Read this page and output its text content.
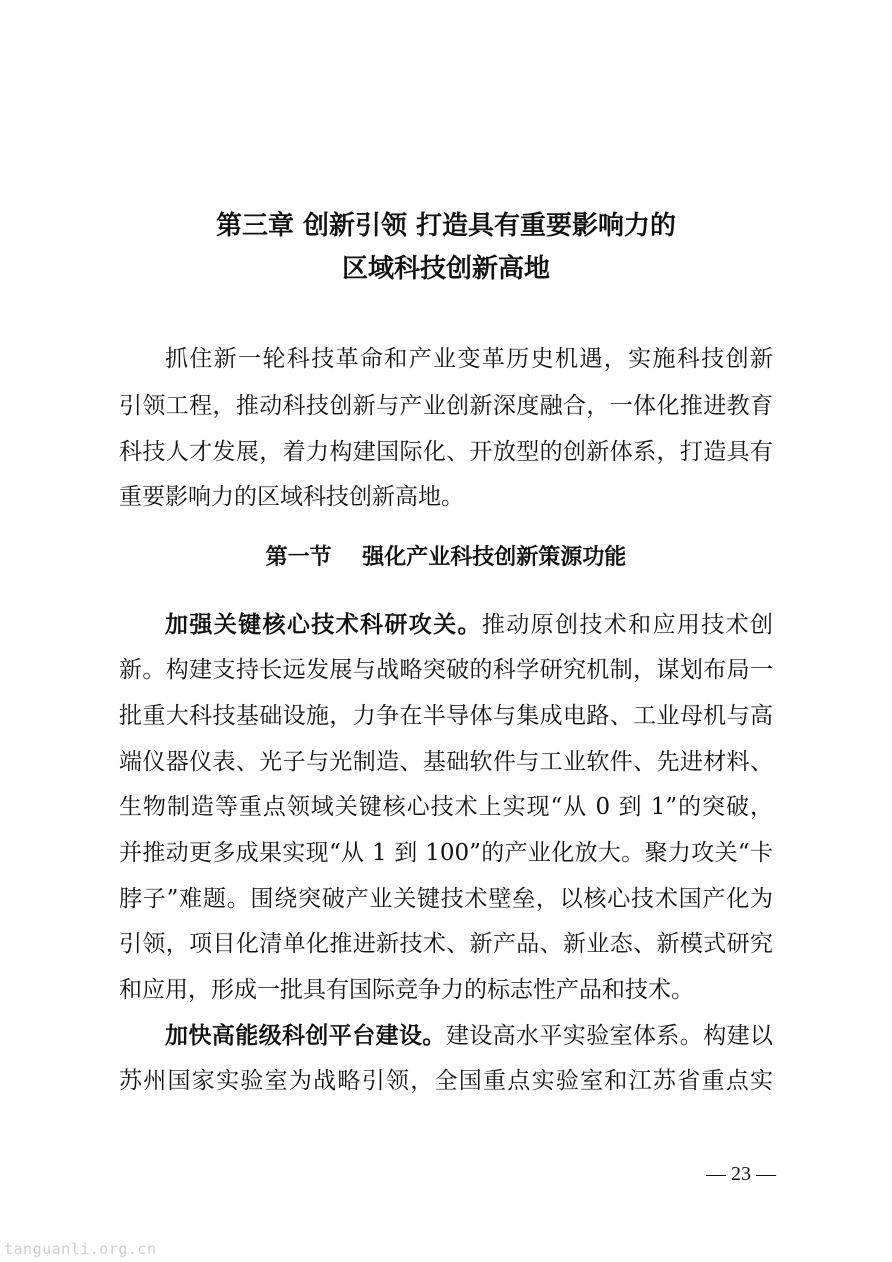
第三章 创新引领 打造具有重要影响力的
区域科技创新高地
抓住新一轮科技革命和产业变革历史机遇，实施科技创新
引领工程，推动科技创新与产业创新深度融合，一体化推进教育
科技人才发展，着力构建国际化、开放型的创新体系，打造具有
重要影响力的区域科技创新高地。
第一节    强化产业科技创新策源功能
加强关键核心技术科研攻关。推动原创技术和应用技术创
新。构建支持长远发展与战略突破的科学研究机制，谋划布局一
批重大科技基础设施，力争在半导体与集成电路、工业母机与高
端仪器仪表、光子与光制造、基础软件与工业软件、先进材料、
生物制造等重点领域关键核心技术上实现“从 0 到 1”的突破，
并推动更多成果实现“从 1 到 100”的产业化放大。聚力攻关“卡
脖子”难题。围绕突破产业关键技术壁垒，以核心技术国产化为
引领，项目化清单化推进新技术、新产品、新业态、新模式研究
和应用，形成一批具有国际竞争力的标志性产品和技术。
加快高能级科创平台建设。建设高水平实验室体系。构建以
苏州国家实验室为战略引领，全国重点实验室和江苏省重点实
— 23 —
tanguanli.org.cn
